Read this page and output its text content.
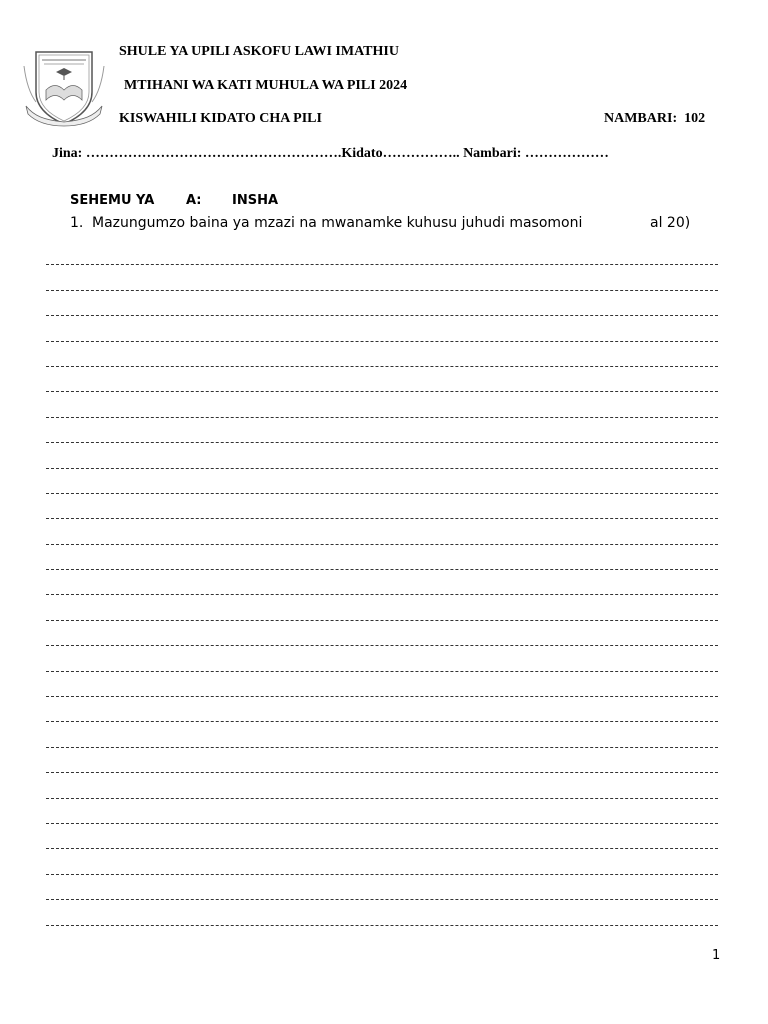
SHULE YA UPILI ASKOFU LAWI IMATHIU
MTIHANI WA KATI MUHULA WA PILI 2024
KISWAHILI KIDATO CHA PILI	NAMBARI: 102
Jina: ……………………………………………….Kidato…………….. Nambari: ………………
SEHEMU YA A: INSHA
1. Mazungumzo baina ya mzazi na mwanamke kuhusu juhudi masomoni	al 20)
1
